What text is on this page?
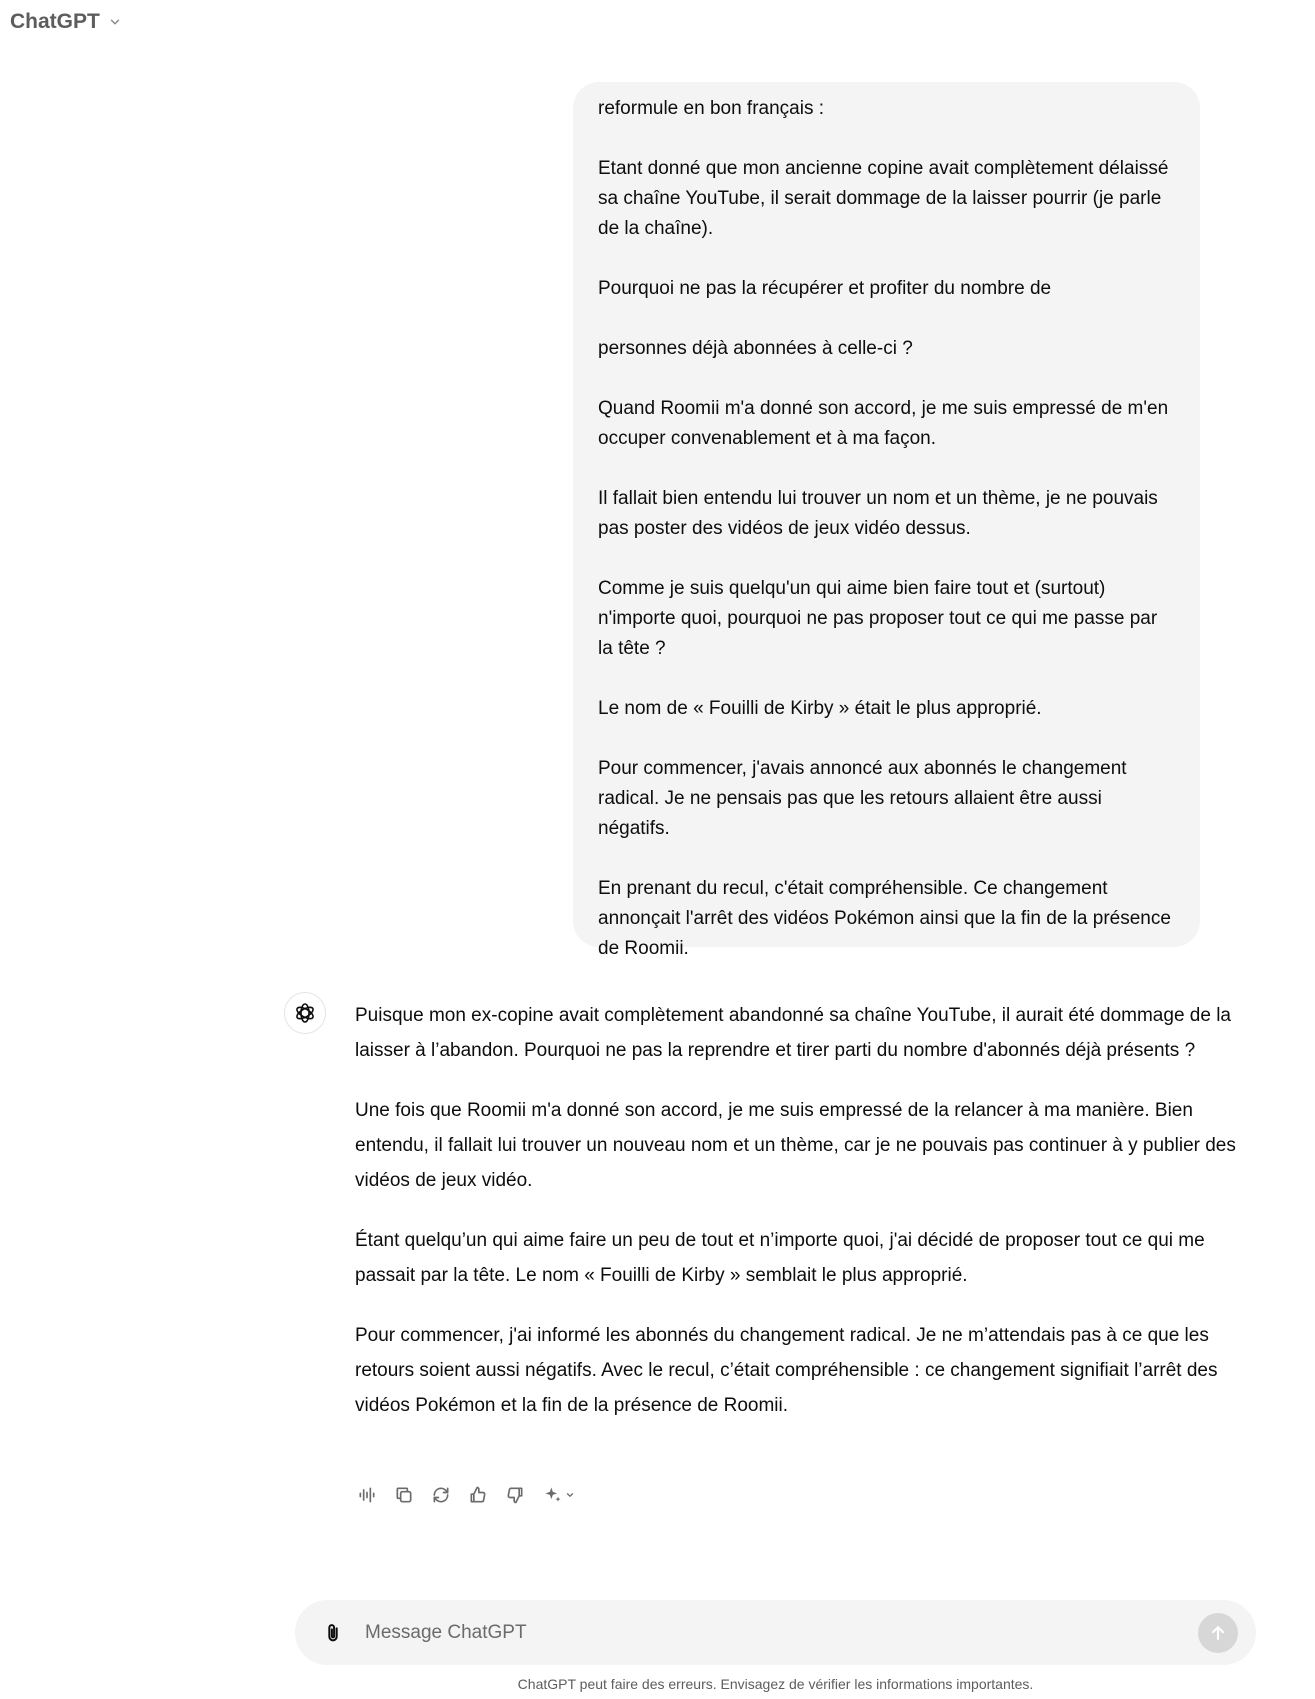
ChatGPT

reformule en bon français :

Etant donné que mon ancienne copine avait complètement délaissé sa chaîne YouTube, il serait dommage de la laisser pourrir (je parle de la chaîne).

Pourquoi ne pas la récupérer et profiter du nombre de

personnes déjà abonnées à celle-ci ?

Quand Roomii m'a donné son accord, je me suis empressé de m'en occuper convenablement et à ma façon.

Il fallait bien entendu lui trouver un nom et un thème, je ne pouvais pas poster des vidéos de jeux vidéo dessus.

Comme je suis quelqu'un qui aime bien faire tout et (surtout) n'importe quoi, pourquoi ne pas proposer tout ce qui me passe par la tête ?

Le nom de « Fouilli de Kirby » était le plus approprié.

Pour commencer, j'avais annoncé aux abonnés le changement radical. Je ne pensais pas que les retours allaient être aussi négatifs.

En prenant du recul, c'était compréhensible. Ce changement annonçait l'arrêt des vidéos Pokémon ainsi que la fin de la présence de Roomii.

Puisque mon ex-copine avait complètement abandonné sa chaîne YouTube, il aurait été dommage de la laisser à l’abandon. Pourquoi ne pas la reprendre et tirer parti du nombre d'abonnés déjà présents ?

Une fois que Roomii m'a donné son accord, je me suis empressé de la relancer à ma manière. Bien entendu, il fallait lui trouver un nouveau nom et un thème, car je ne pouvais pas continuer à y publier des vidéos de jeux vidéo.

Étant quelqu’un qui aime faire un peu de tout et n’importe quoi, j'ai décidé de proposer tout ce qui me passait par la tête. Le nom « Fouilli de Kirby » semblait le plus approprié.

Pour commencer, j'ai informé les abonnés du changement radical. Je ne m’attendais pas à ce que les retours soient aussi négatifs. Avec le recul, c’était compréhensible : ce changement signifiait l’arrêt des vidéos Pokémon et la fin de la présence de Roomii.

Message ChatGPT
ChatGPT peut faire des erreurs. Envisagez de vérifier les informations importantes.
